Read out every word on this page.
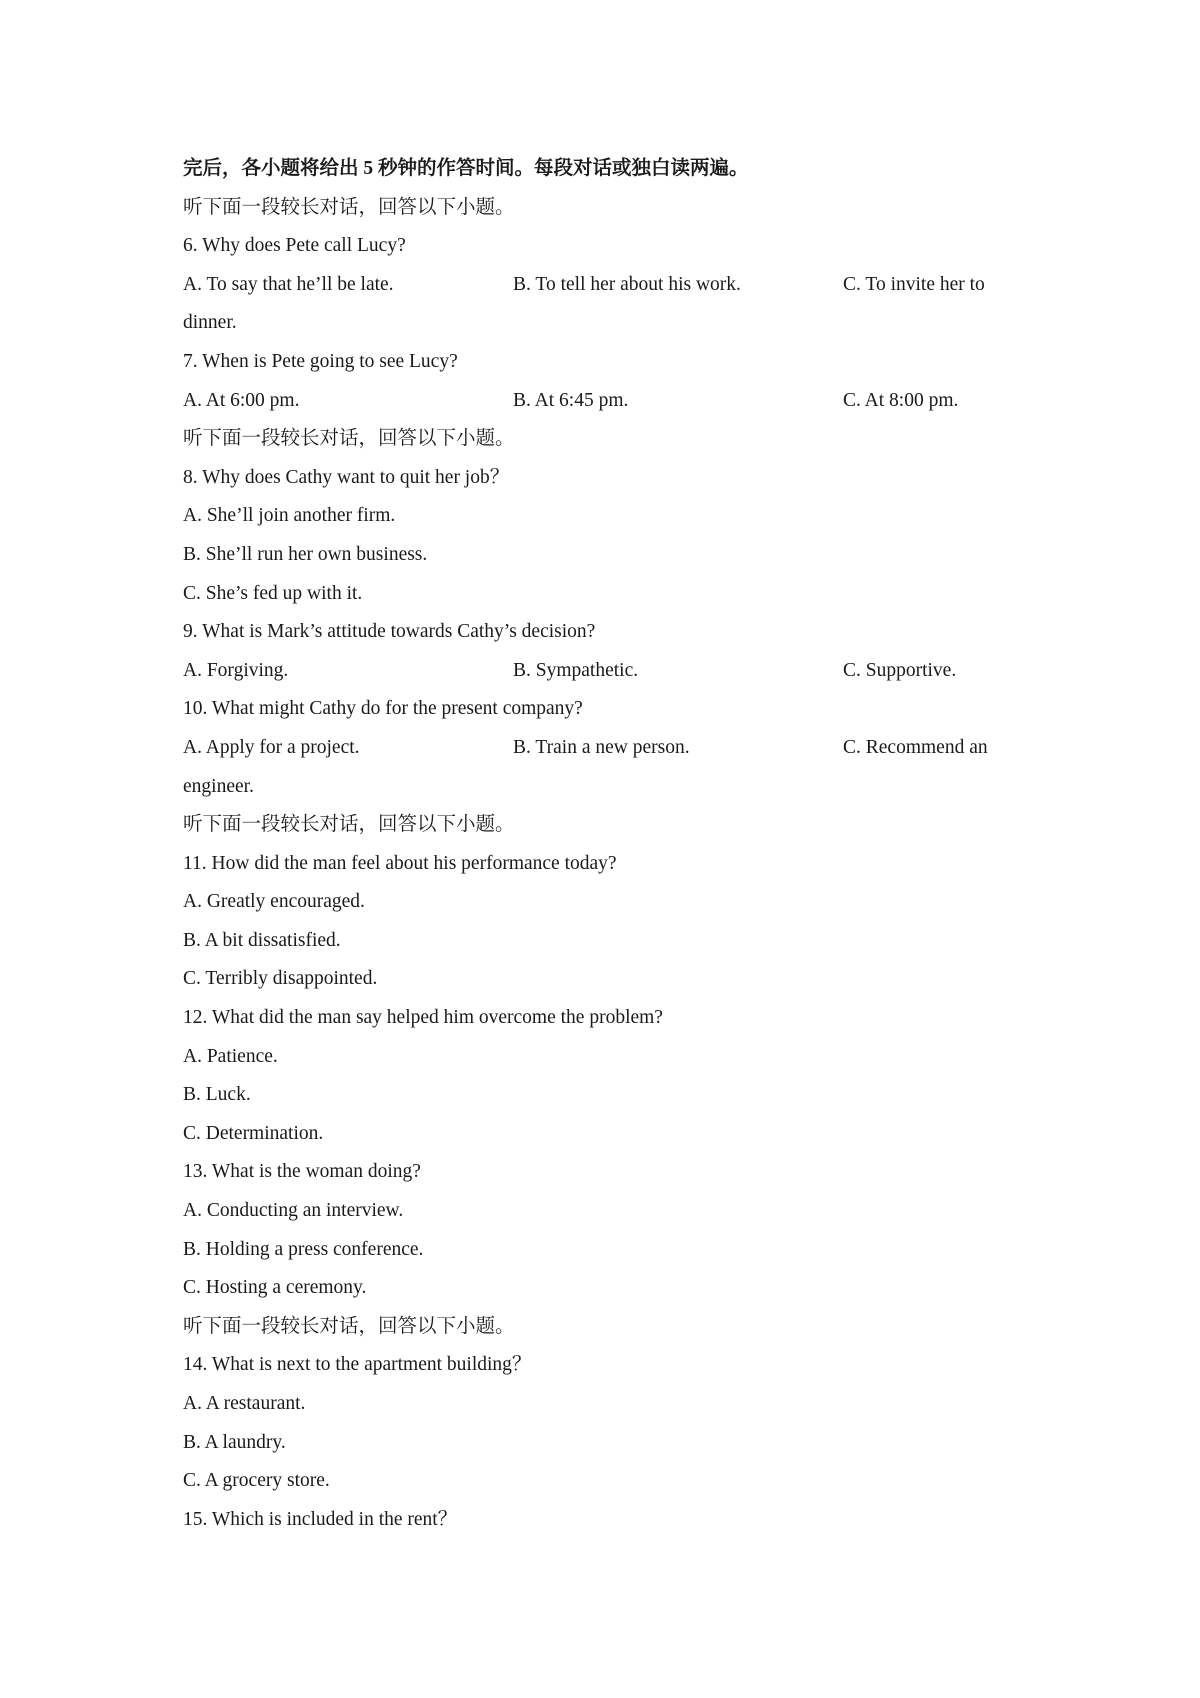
完后，各小题将给出 5 秒钟的作答时间。每段对话或独白读两遍。
听下面一段较长对话，回答以下小题。
6. Why does Pete call Lucy?
A. To say that he’ll be late.	B. To tell her about his work.	C. To invite her to
dinner.
7. When is Pete going to see Lucy?
A. At 6:00 pm.	B. At 6:45 pm.	C. At 8:00 pm.
听下面一段较长对话，回答以下小题。
8. Why does Cathy want to quit her job？
A. She’ll join another firm.
B. She’ll run her own business.
C. She’s fed up with it.
9. What is Mark’s attitude towards Cathy’s decision?
A. Forgiving.	B. Sympathetic.	C. Supportive.
10. What might Cathy do for the present company?
A. Apply for a project.	B. Train a new person.	C. Recommend an
engineer.
听下面一段较长对话，回答以下小题。
11. How did the man feel about his performance today?
A. Greatly encouraged.
B. A bit dissatisfied.
C. Terribly disappointed.
12. What did the man say helped him overcome the problem?
A. Patience.
B. Luck.
C. Determination.
13. What is the woman doing?
A. Conducting an interview.
B. Holding a press conference.
C. Hosting a ceremony.
听下面一段较长对话，回答以下小题。
14. What is next to the apartment building？
A. A restaurant.
B. A laundry.
C. A grocery store.
15. Which is included in the rent？
